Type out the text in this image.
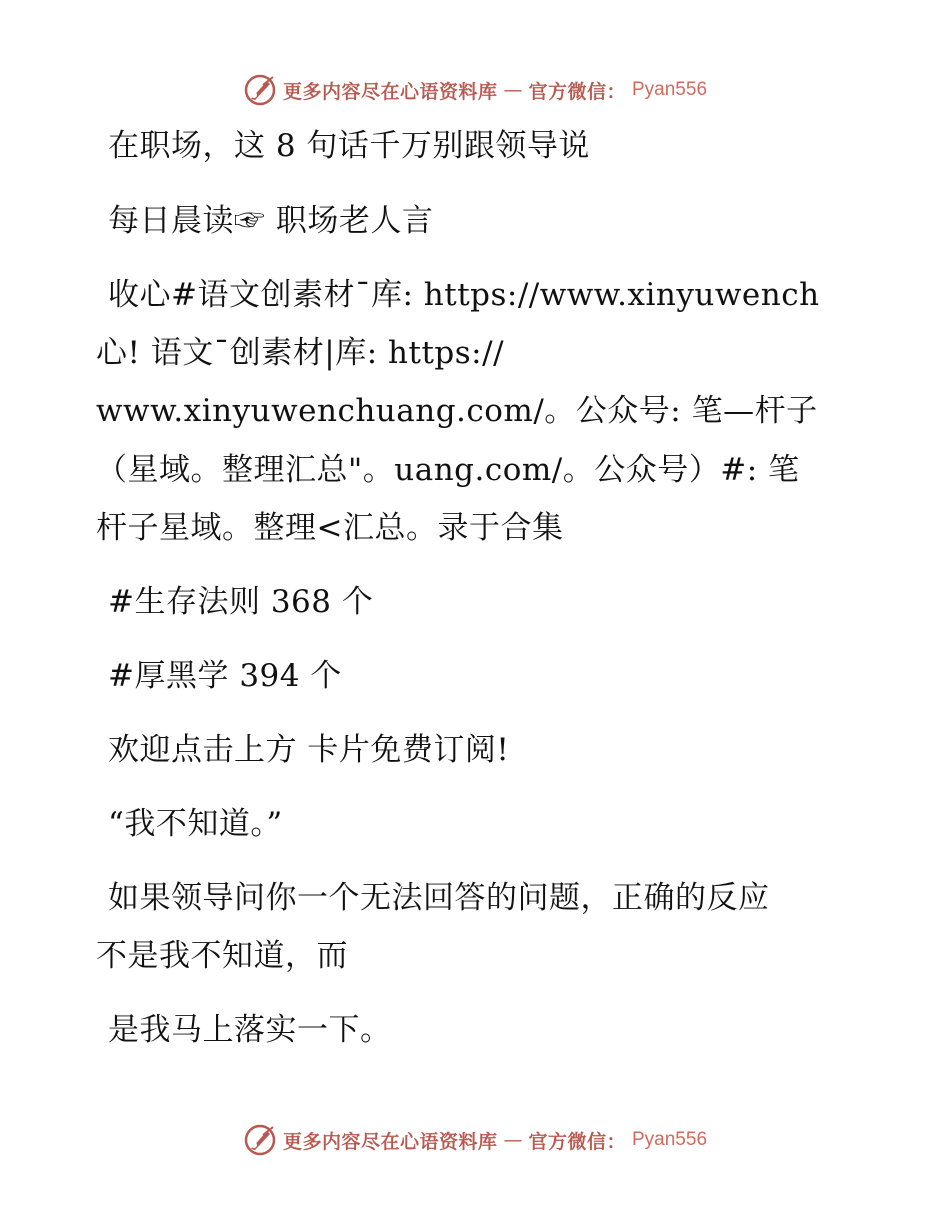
更多内容尽在心语资料库 — 官方微信： Pyan556
在职场，这 8 句话千万别跟领导说
每日晨读☞ 职场老人言
收心#语文创素材¯库: https://www.xinyuwench
心! 语文¯创素材|库: https://
www.xinyuwenchuang.com/。公众号: 笔—杆子
（星域。整理汇总"。uang.com/。公众号）#: 笔
杆子星域。整理<汇总。录于合集
#生存法则 368 个
#厚黑学 394 个
欢迎点击上方 卡片免费订阅!
“我不知道。”
如果领导问你一个无法回答的问题，正确的反应
不是我不知道，而
是我马上落实一下。
更多内容尽在心语资料库 — 官方微信： Pyan556
